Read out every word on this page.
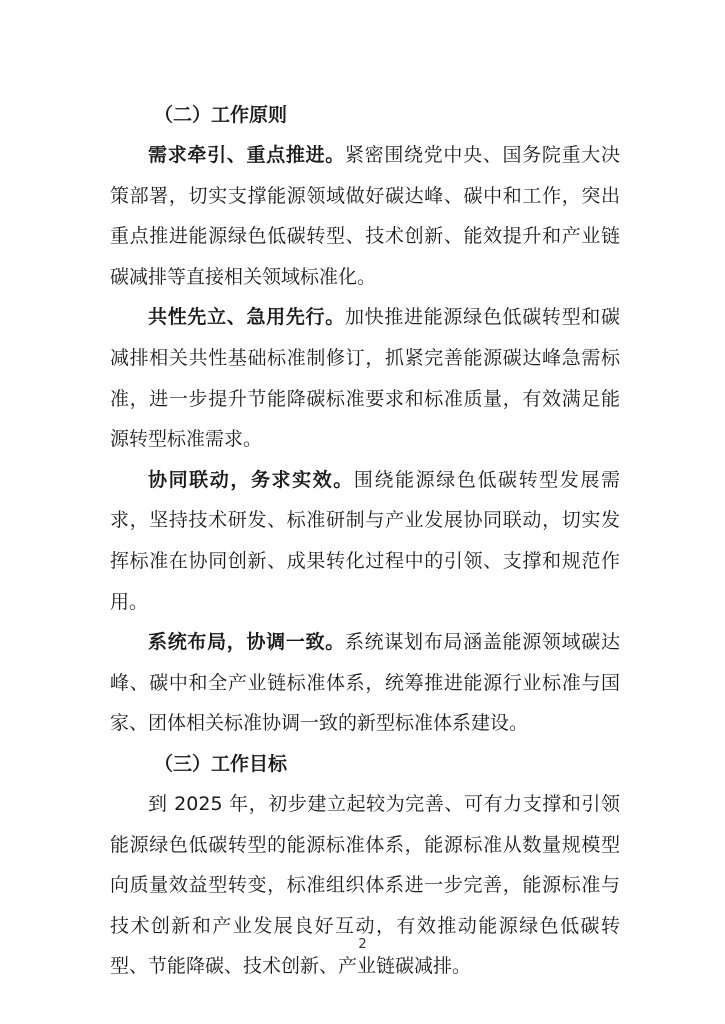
（二）工作原则

需求牵引、重点推进。紧密围绕党中央、国务院重大决策部署，切实支撑能源领域做好碳达峰、碳中和工作，突出重点推进能源绿色低碳转型、技术创新、能效提升和产业链碳减排等直接相关领域标准化。

共性先立、急用先行。加快推进能源绿色低碳转型和碳减排相关共性基础标准制修订，抓紧完善能源碳达峰急需标准，进一步提升节能降碳标准要求和标准质量，有效满足能源转型标准需求。

协同联动，务求实效。围绕能源绿色低碳转型发展需求，坚持技术研发、标准研制与产业发展协同联动，切实发挥标准在协同创新、成果转化过程中的引领、支撑和规范作用。

系统布局，协调一致。系统谋划布局涵盖能源领域碳达峰、碳中和全产业链标准体系，统筹推进能源行业标准与国家、团体相关标准协调一致的新型标准体系建设。

（三）工作目标

到 2025 年，初步建立起较为完善、可有力支撑和引领能源绿色低碳转型的能源标准体系，能源标准从数量规模型向质量效益型转变，标准组织体系进一步完善，能源标准与技术创新和产业发展良好互动，有效推动能源绿色低碳转型、节能降碳、技术创新、产业链碳减排。

2
